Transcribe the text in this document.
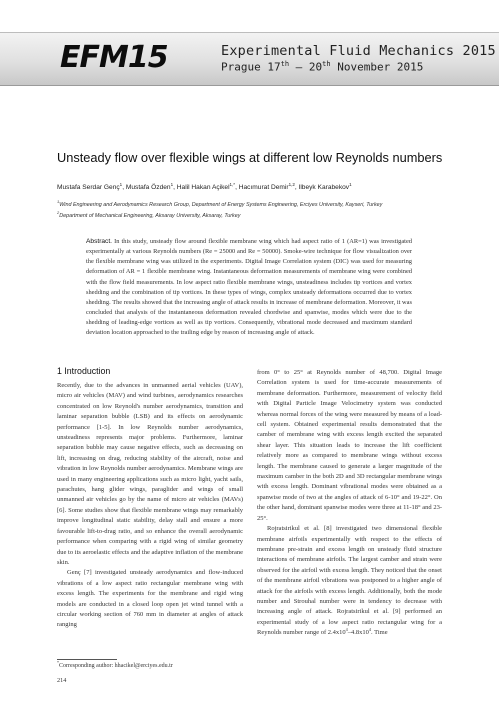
EFM15	Experimental Fluid Mechanics 2015
Prague 17th – 20th November 2015
Unsteady flow over flexible wings at different low Reynolds numbers
Mustafa Serdar Genç$^1$, Mustafa Özden$^1$, Halil Hakan Açikel$^{1,*}$, Hacımurat Demir$^{1,2}$, Ilbeyk Karabekov$^1$
$^1$Wind Engineering and Aerodynamics Research Group, Department of Energy Systems Engineering, Erciyes University, Kayseri, Turkey
$^2$Department of Mechanical Engineering, Aksaray University, Aksaray, Turkey
Abstract. In this study, unsteady flow around flexible membrane wing which had aspect ratio of 1 (AR=1) was investigated experimentally at various Reynolds numbers (Re = 25000 and Re = 50000). Smoke-wire technique for flow visualization over the flexible membrane wing was utilized in the experiments. Digital Image Correlation system (DIC) was used for measuring deformation of AR = 1 flexible membrane wing. Instantaneous deformation measurements of membrane wing were combined with the flow field measurements. In low aspect ratio flexible membrane wings, unsteadiness includes tip vortices and vortex shedding and the combination of tip vortices. In these types of wings, complex unsteady deformations occurred due to vortex shedding. The results showed that the increasing angle of attack results in increase of membrane deformation. Moreover, it was concluded that analysis of the instantaneous deformation revealed chordwise and spanwise, modes which were due to the shedding of leading-edge vortices as well as tip vortices. Consequently, vibrational mode decreased and maximum standard deviation location approached to the trailing edge by reason of increasing angle of attack.
1 Introduction

Recently, due to the advances in unmanned aerial vehicles (UAV), micro air vehicles (MAV) and wind turbines, aerodynamics researches concentrated on low Reynold's number aerodynamics, transition and laminar separation bubble (LSB) and its effects on aerodynamic performance [1-5]. In low Reynolds number aerodynamics, unsteadiness represents major problems. Furthermore, laminar separation bubble may cause negative effects, such as decreasing on lift, increasing on drag, reducing stability of the aircraft, noise and vibration in low Reynolds number aerodynamics. Membrane wings are used in many engineering applications such as micro light, yacht sails, parachutes, hang glider wings, paraglider and wings of small unmanned air vehicles go by the name of micro air vehicles (MAVs) [6]. Some studies show that flexible membrane wings may remarkably improve longitudinal static stability, delay stall and ensure a more favourable lift-to-drag ratio, and so enhance the overall aerodynamic performance when comparing with a rigid wing of similar geometry due to its aeroelastic effects and the adaptive inflation of the membrane skin.

Genç [7] investigated unsteady aerodynamics and flow-induced vibrations of a low aspect ratio rectangular membrane wing with excess length. The experiments for the membrane and rigid wing models are conducted in a closed loop open jet wind tunnel with a circular working section of 760 mm in diameter at angles of attack ranging

from 0° to 25° at Reynolds number of 48,700. Digital Image Correlation system is used for time-accurate measurements of membrane deformation. Furthermore, measurement of velocity field with Digital Particle Image Velocimetry system was conducted whereas normal forces of the wing were measured by means of a load-cell system. Obtained experimental results demonstrated that the camber of membrane wing with excess length excited the separated shear layer. This situation leads to increase the lift coefficient relatively more as compared to membrane wings without excess length. The membrane caused to generate a larger magnitude of the maximum camber in the both 2D and 3D rectangular membrane wings with excess length. Dominant vibrational modes were obtained as a spanwise mode of two at the angles of attack of 6-10° and 19-22°. On the other hand, dominant spanwise modes were three at 11-18° and 23-25°.

Rojratsirikul et al. [8] investigated two dimensional flexible membrane airfoils experimentally with respect to the effects of membrane pre-strain and excess length on unsteady fluid structure interactions of membrane airfoils. The largest camber and strain were observed for the airfoil with excess length. They noticed that the onset of the membrane airfoil vibrations was postponed to a higher angle of attack for the airfoils with excess length. Additionally, both the mode number and Strouhal number were in tendency to decrease with increasing angle of attack. Rojratsirikul et al. [9] performed an experimental study of a low aspect ratio rectangular wing for a Reynolds number range of $2.4x10^4-4.8x10^4$. Time

*Corresponding author: hhacikel@erciyes.edu.tr
214
